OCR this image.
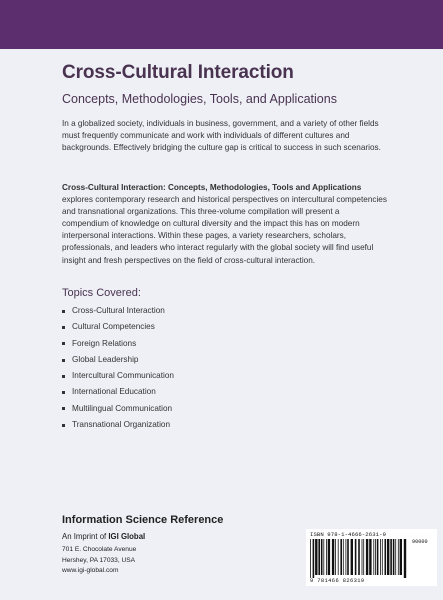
Cross-Cultural Interaction
Concepts, Methodologies, Tools, and Applications

In a globalized society, individuals in business, government, and a variety of other fields must frequently communicate and work with individuals of different cultures and backgrounds. Effectively bridging the culture gap is critical to success in such scenarios.

Cross-Cultural Interaction: Concepts, Methodologies, Tools and Applications explores contemporary research and historical perspectives on intercultural competencies and transnational organizations. This three-volume compilation will present a compendium of knowledge on cultural diversity and the impact this has on modern interpersonal interactions. Within these pages, a variety researchers, scholars, professionals, and leaders who interact regularly with the global society will find useful insight and fresh perspectives on the field of cross-cultural interaction.

Topics Covered:
Cross-Cultural Interaction
Cultural Competencies
Foreign Relations
Global Leadership
Intercultural Communication
International Education
Multilingual Communication
Transnational Organization
Information Science Reference
An Imprint of IGI Global
701 E. Chocolate Avenue
Hershey, PA 17033, USA
www.igi-global.com
ISBN 978-1-4666-2631-9
9 781466 826319
90000
